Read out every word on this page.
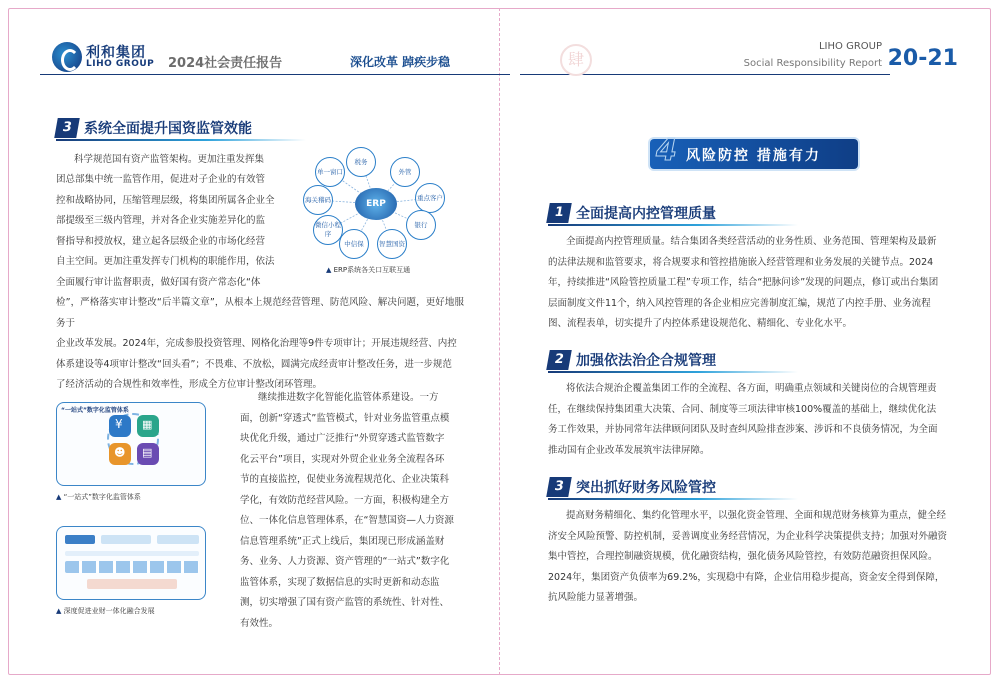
利和集团
LIHO GROUP 2024社会责任报告	深化改革 踔疾步稳	肆
LIHO GROUP
Social Responsibility Report 20-21
3 系统全面提升国资监管效能
科学规范国有资产监管架构。更加注重发挥集
团总部集中统一监管作用，促进对子企业的有效管
控和战略协同，压缩管理层级，将集团所属各企业全
部提级至三级内管理，并对各企业实施差异化的监
督指导和授放权，建立起各层级企业的市场化经营
自主空间。更加注重发挥专门机构的职能作用，依法
全面履行审计监督职责，做好国有资产常态化“体
检”，严格落实审计整改“后半篇文章”，从根本上规范经营管理、防范风险、解决问题，更好地服务于
企业改革发展。2024年，完成参股投资管理、网格化治理等9件专项审计；开展违规经营、内控
体系建设等4项审计整改“回头看”；不畏难、不放松，圆满完成经责审计整改任务，进一步规范
了经济活动的合规性和效率性，形成全方位审计整改闭环管理。
单一窗口
税务
外管
海关稽码	重点客户
微信小程序
银行
中信保	智慧国资
ERP
▲ ERP系统各关口互联互通
“一站式”数字化监管体系
¥ ▦
☻ ▤
▲ “一站式”数字化监管体系
▲ 深度促进业财一体化融合发展
继续推进数字化智能化监管体系建设。一方
面，创新“穿透式”监管模式，针对业务监管重点模
块优化升级，通过广泛推行“外贸穿透式监管数字
化云平台”项目，实现对外贸企业业务全流程各环
节的直接监控，促使业务流程规范化、企业决策科
学化，有效防范经营风险。一方面，积极构建全方
位、一体化信息管理体系，在“智慧国资—人力资源
信息管理系统”正式上线后，集团现已形成涵盖财
务、业务、人力资源、资产管理的“一站式”数字化
监管体系，实现了数据信息的实时更新和动态监
测，切实增强了国有资产监管的系统性、针对性、
有效性。
4 风险防控 措施有力
1 全面提高内控管理质量
全面提高内控管理质量。结合集团各类经营活动的业务性质、业务范围、管理架构及最新
的法律法规和监管要求，将合规要求和管控措施嵌入经营管理和业务发展的关键节点。2024
年，持续推进“风险管控质量工程”专项工作，结合“把脉问诊”发现的问题点，修订或出台集团
层面制度文件11个，纳入风控管理的各企业相应完善制度汇编，规范了内控手册、业务流程
图、流程表单，切实提升了内控体系建设规范化、精细化、专业化水平。
2 加强依法治企合规管理
将依法合规治企覆盖集团工作的全流程、各方面，明确重点领域和关键岗位的合规管理责
任，在继续保持集团重大决策、合同、制度等三项法律审核100%覆盖的基础上，继续优化法
务工作效果，并协同常年法律顾问团队及时查纠风险排查涉案、涉诉和不良债务情况，为全面
推动国有企业改革发展筑牢法律屏障。
3 突出抓好财务风险管控
提高财务精细化、集约化管理水平，以强化资金管理、全面和规范财务核算为重点，健全经
济安全风险预警、防控机制，妥善调度业务经营情况，为企业科学决策提供支持；加强对外融资
集中管控，合理控制融资规模，优化融资结构，强化债务风险管控，有效防范融资担保风险。
2024年，集团资产负债率为69.2%，实现稳中有降，企业信用稳步提高，资金安全得到保障，
抗风险能力显著增强。
